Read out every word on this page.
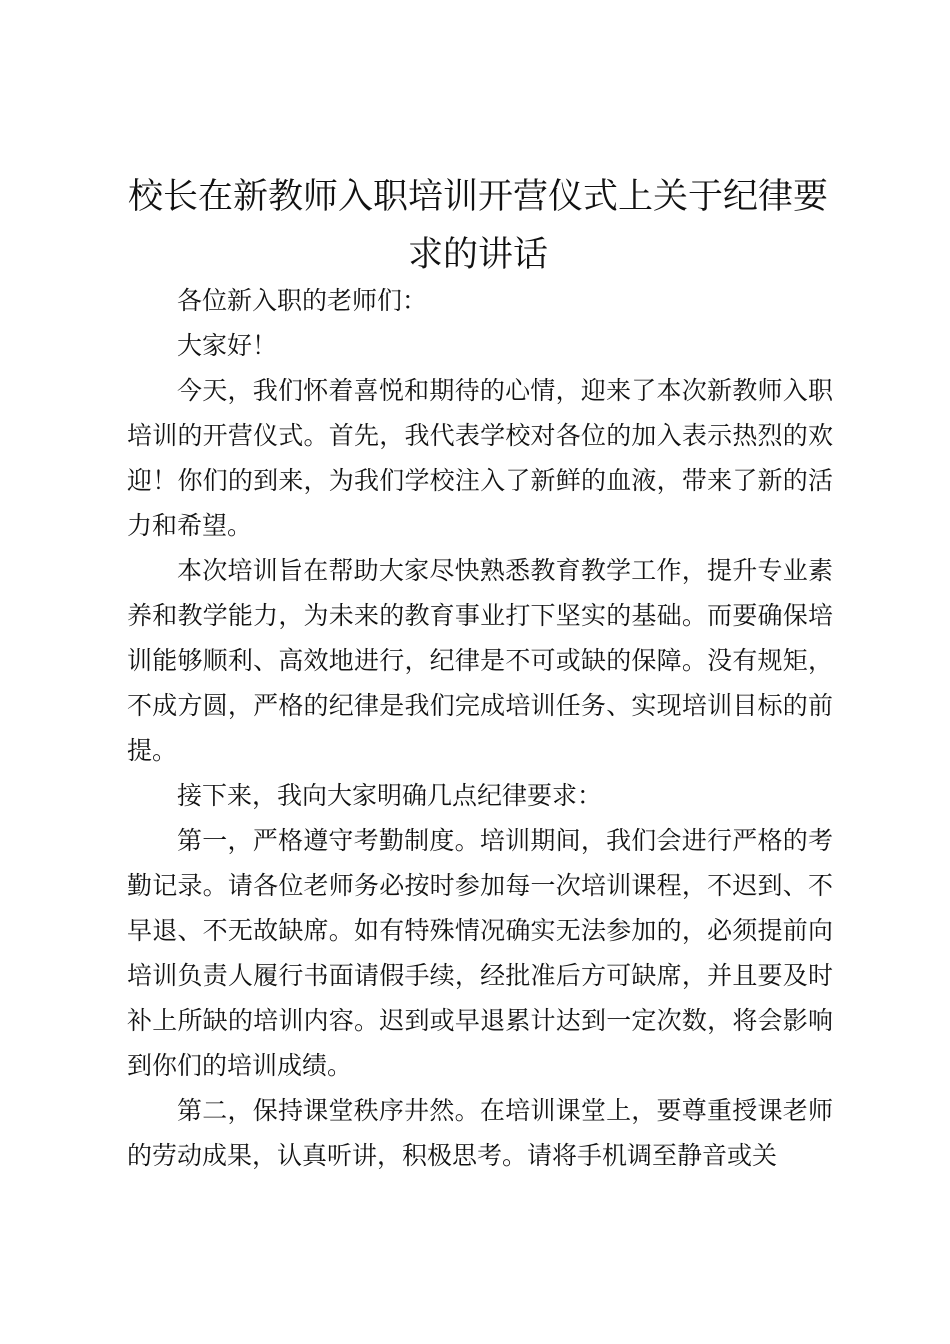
校长在新教师入职培训开营仪式上关于纪律要求的讲话

各位新入职的老师们：

大家好！

今天，我们怀着喜悦和期待的心情，迎来了本次新教师入职培训的开营仪式。首先，我代表学校对各位的加入表示热烈的欢迎！你们的到来，为我们学校注入了新鲜的血液，带来了新的活力和希望。

本次培训旨在帮助大家尽快熟悉教育教学工作，提升专业素养和教学能力，为未来的教育事业打下坚实的基础。而要确保培训能够顺利、高效地进行，纪律是不可或缺的保障。没有规矩，不成方圆，严格的纪律是我们完成培训任务、实现培训目标的前提。

接下来，我向大家明确几点纪律要求：

第一，严格遵守考勤制度。培训期间，我们会进行严格的考勤记录。请各位老师务必按时参加每一次培训课程，不迟到、不早退、不无故缺席。如有特殊情况确实无法参加的，必须提前向培训负责人履行书面请假手续，经批准后方可缺席，并且要及时补上所缺的培训内容。迟到或早退累计达到一定次数，将会影响到你们的培训成绩。

第二，保持课堂秩序井然。在培训课堂上，要尊重授课老师的劳动成果，认真听讲，积极思考。请将手机调至静音或关
